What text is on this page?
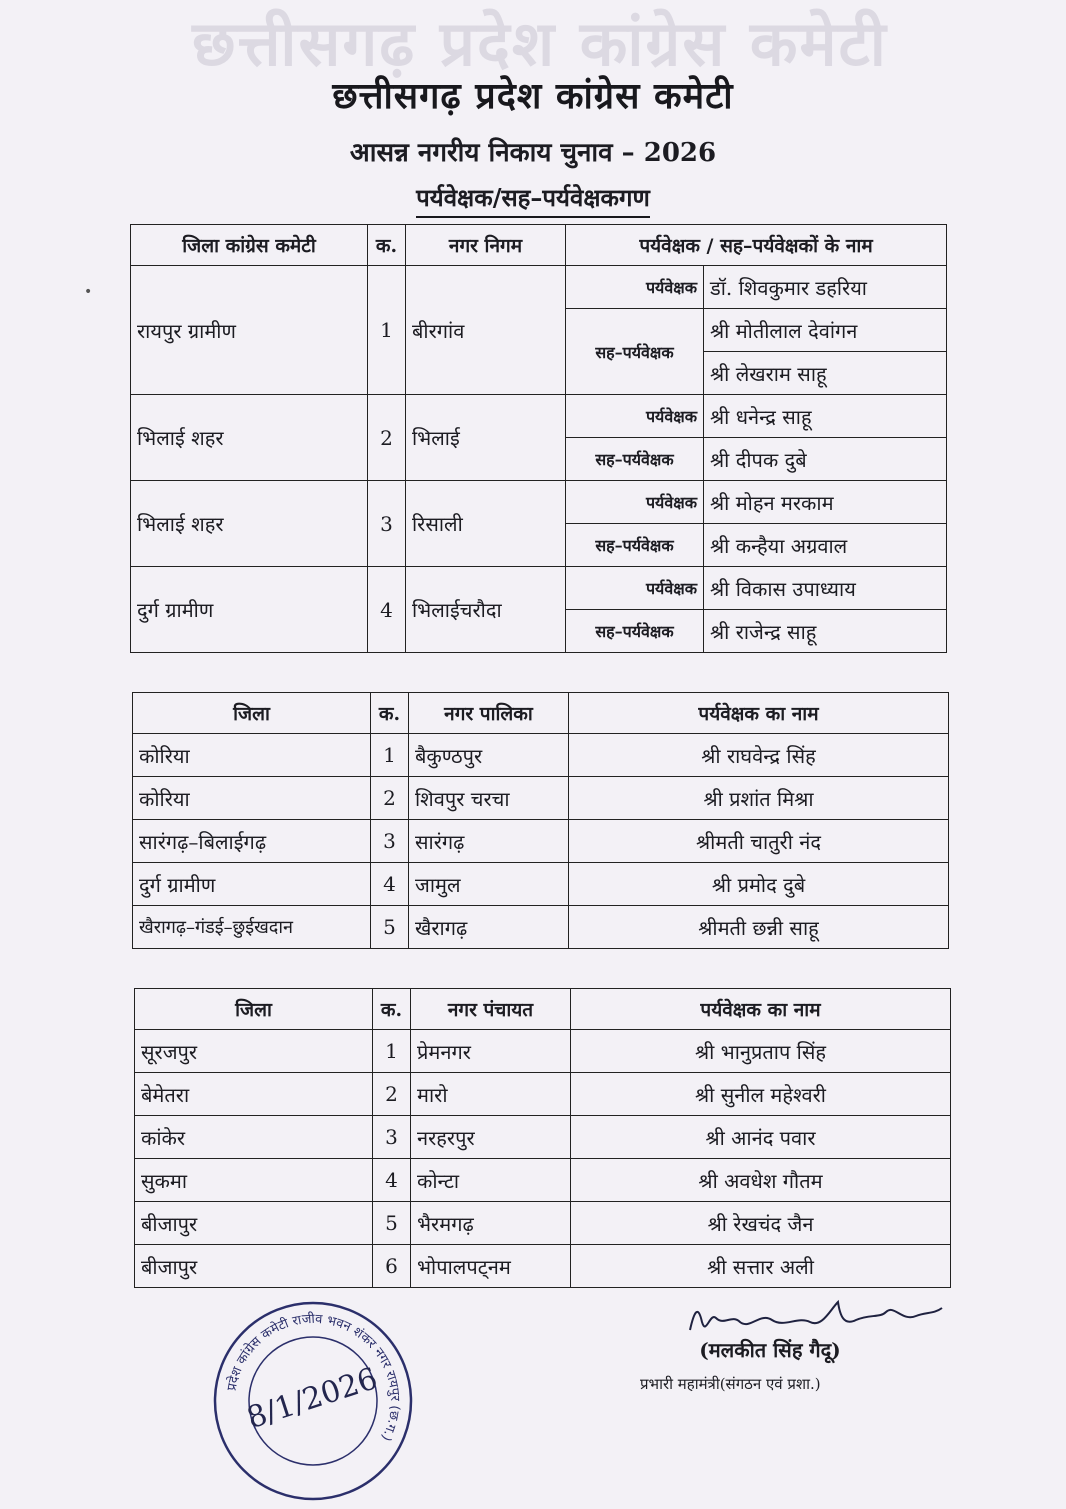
छत्तीसगढ़ प्रदेश कांग्रेस कमेटी
•
छत्तीसगढ़ प्रदेश कांग्रेस कमेटी
आसन्न नगरीय निकाय चुनाव – 2026
पर्यवेक्षक/सह–पर्यवेक्षकगण
जिला कांग्रेस कमेटी	क.	नगर निगम	पर्यवेक्षक / सह–पर्यवेक्षकों के नाम	
रायपुर ग्रामीण	1	बीरगांव	पर्यवेक्षक	डॉ. शिवकुमार डहरिया
			सह–पर्यवेक्षक	श्री मोतीलाल देवांगन
				श्री लेखराम साहू
भिलाई शहर	2	भिलाई	पर्यवेक्षक	श्री धनेन्द्र साहू
			सह–पर्यवेक्षक	श्री दीपक दुबे
भिलाई शहर	3	रिसाली	पर्यवेक्षक	श्री मोहन मरकाम
			सह–पर्यवेक्षक	श्री कन्हैया अग्रवाल
दुर्ग ग्रामीण	4	भिलाईचरौदा	पर्यवेक्षक	श्री विकास उपाध्याय
			सह–पर्यवेक्षक	श्री राजेन्द्र साहू
जिला	क.	नगर पालिका	पर्यवेक्षक का नाम
कोरिया	1	बैकुण्ठपुर	श्री राघवेन्द्र सिंह
कोरिया	2	शिवपुर चरचा	श्री प्रशांत मिश्रा
सारंगढ़–बिलाईगढ़	3	सारंगढ़	श्रीमती चातुरी नंद
दुर्ग ग्रामीण	4	जामुल	श्री प्रमोद दुबे
खैरागढ़–गंडई–छुईखदान	5	खैरागढ़	श्रीमती छन्नी साहू
जिला	क.	नगर पंचायत	पर्यवेक्षक का नाम
सूरजपुर	1	प्रेमनगर	श्री भानुप्रताप सिंह
बेमेतरा	2	मारो	श्री सुनील महेश्वरी
कांकेर	3	नरहरपुर	श्री आनंद पवार
सुकमा	4	कोन्टा	श्री अवधेश गौतम
बीजापुर	5	भैरमगढ़	श्री रेखचंद जैन
बीजापुर	6	भोपालपट्नम	श्री सत्तार अली
(मलकीत सिंह गैदू)
प्रभारी महामंत्री(संगठन एवं प्रशा.)
प्रदेश कांग्रेस कमेटी राजीव भवन शंकर नगर रायपुर (छ.ग.)
8/1/2026
